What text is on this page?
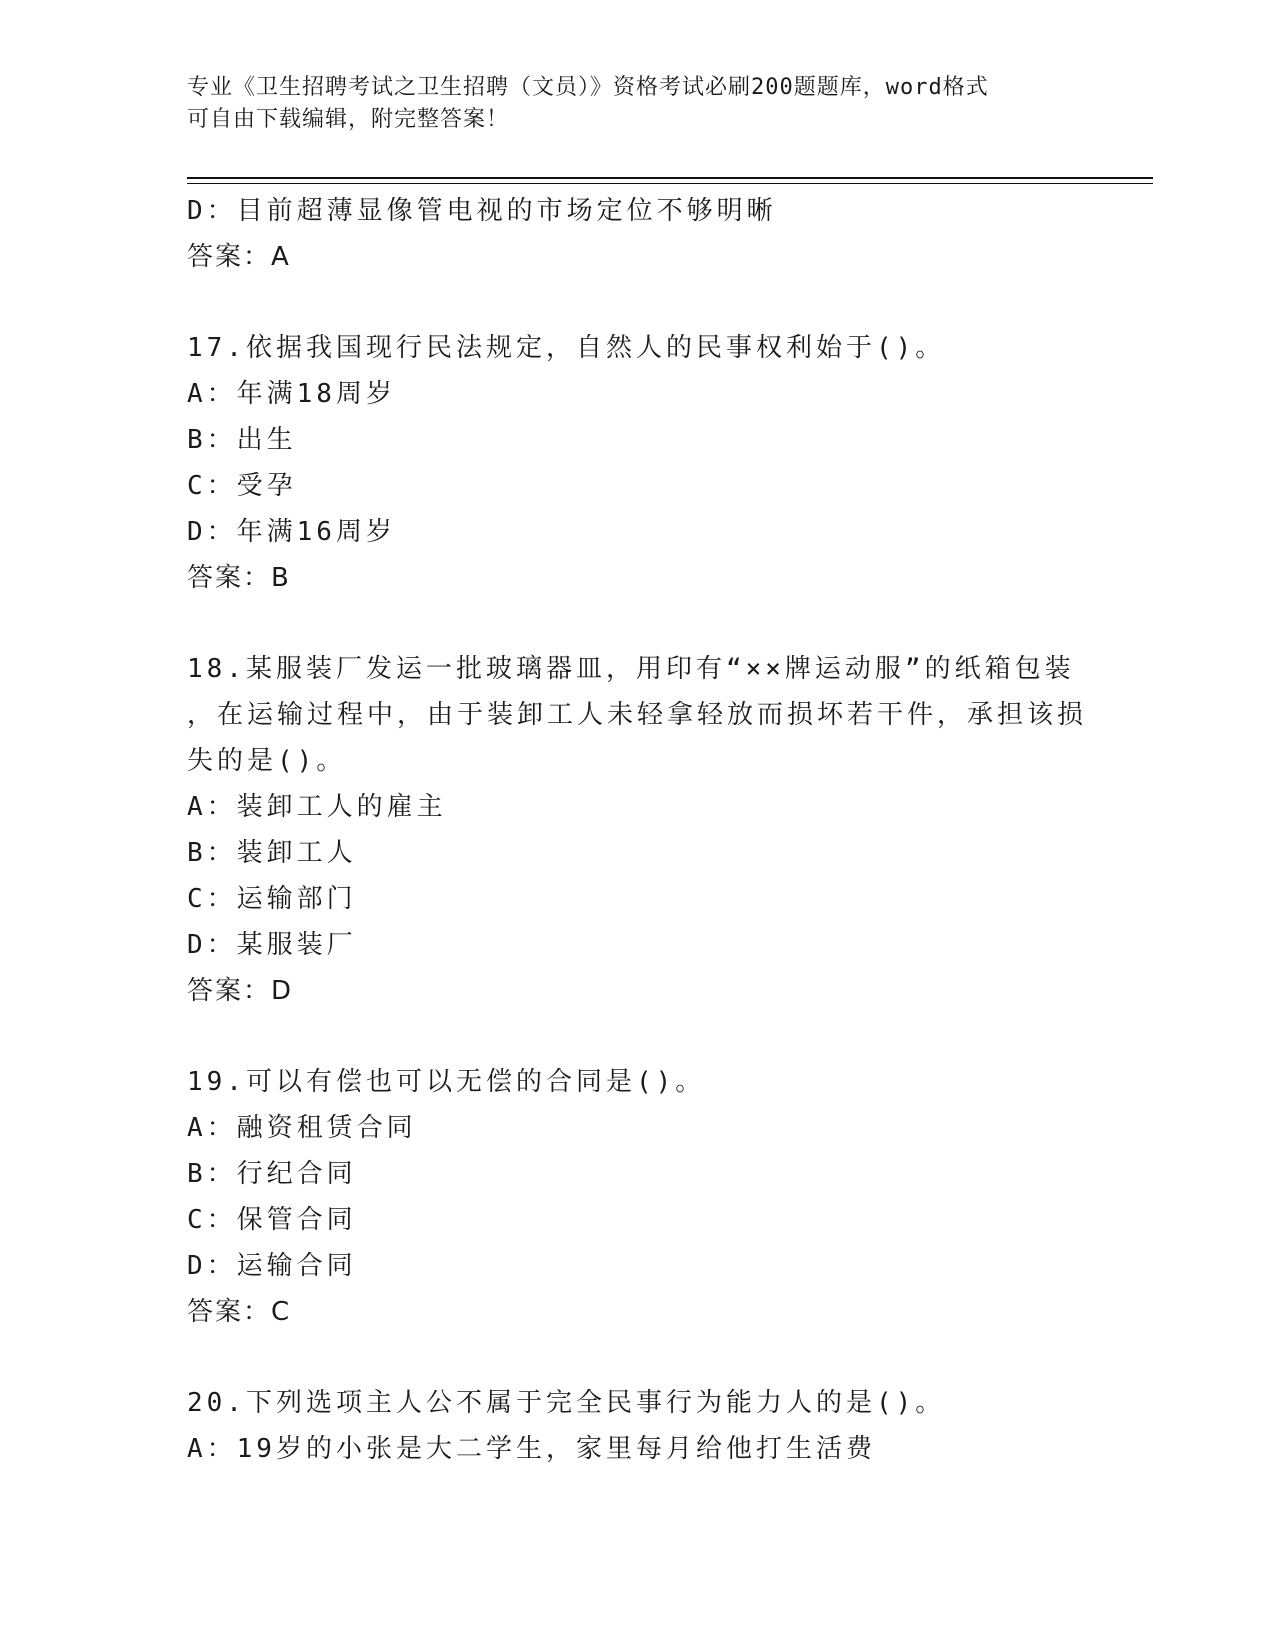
专业《卫生招聘考试之卫生招聘（文员）》资格考试必刷200题题库，word格式
可自由下载编辑，附完整答案！
D：目前超薄显像管电视的市场定位不够明晰
答案：A
17.依据我国现行民法规定，自然人的民事权利始于()。
A：年满18周岁
B：出生
C：受孕
D：年满16周岁
答案：B
18.某服装厂发运一批玻璃器皿，用印有“××牌运动服”的纸箱包装
，在运输过程中，由于装卸工人未轻拿轻放而损坏若干件，承担该损
失的是()。
A：装卸工人的雇主
B：装卸工人
C：运输部门
D：某服装厂
答案：D
19.可以有偿也可以无偿的合同是()。
A：融资租赁合同
B：行纪合同
C：保管合同
D：运输合同
答案：C
20.下列选项主人公不属于完全民事行为能力人的是()。
A：19岁的小张是大二学生，家里每月给他打生活费
